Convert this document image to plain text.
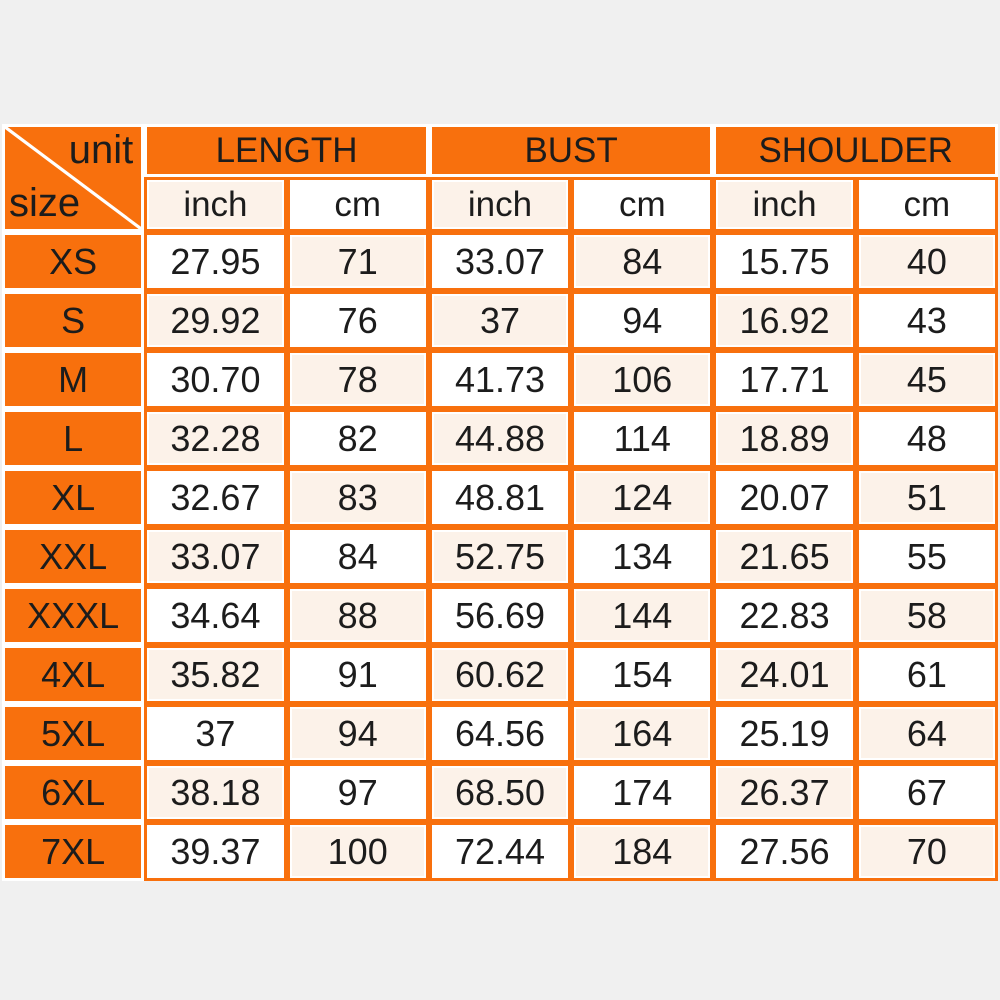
unit
size	LENGTH		BUST		SHOULDER	
	inch	cm	inch	cm	inch	cm
XS	27.95	71	33.07	84	15.75	40
S	29.92	76	37	94	16.92	43
M	30.70	78	41.73	106	17.71	45
L	32.28	82	44.88	114	18.89	48
XL	32.67	83	48.81	124	20.07	51
XXL	33.07	84	52.75	134	21.65	55
XXXL	34.64	88	56.69	144	22.83	58
4XL	35.82	91	60.62	154	24.01	61
5XL	37	94	64.56	164	25.19	64
6XL	38.18	97	68.50	174	26.37	67
7XL	39.37	100	72.44	184	27.56	70
